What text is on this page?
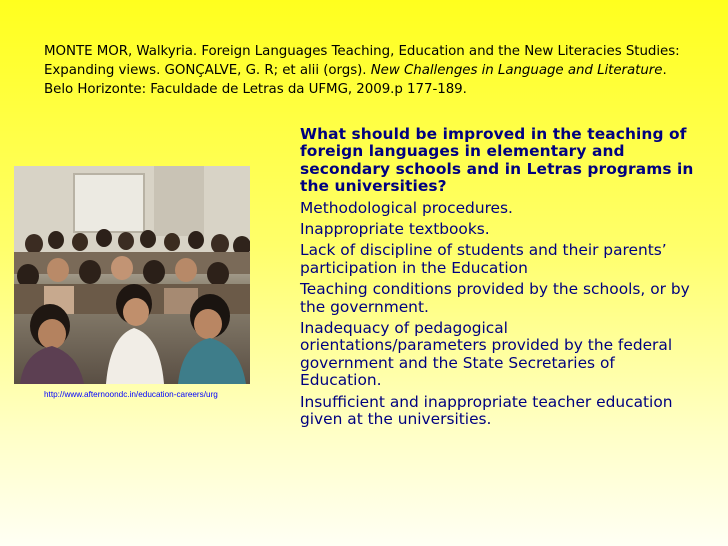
MONTE MOR, Walkyria. Foreign Languages Teaching, Education and the New Literacies Studies: Expanding views. GONÇALVE, G. R; et alii (orgs). New Challenges in Language and Literature. Belo Horizonte: Faculdade de Letras da UFMG, 2009.p 177-189.
http://www.afternoondc.in/education-careers/urg
What should be improved in the teaching of foreign languages in elementary and secondary schools and in Letras programs in the universities?
Methodological procedures.
Inappropriate textbooks.
Lack of discipline of students and their parents’ participation in the Education
Teaching conditions provided by the schools, or by the government.
Inadequacy of pedagogical orientations/parameters provided by the federal government and the State Secretaries of Education.
Insufficient and inappropriate teacher education given at the universities.
